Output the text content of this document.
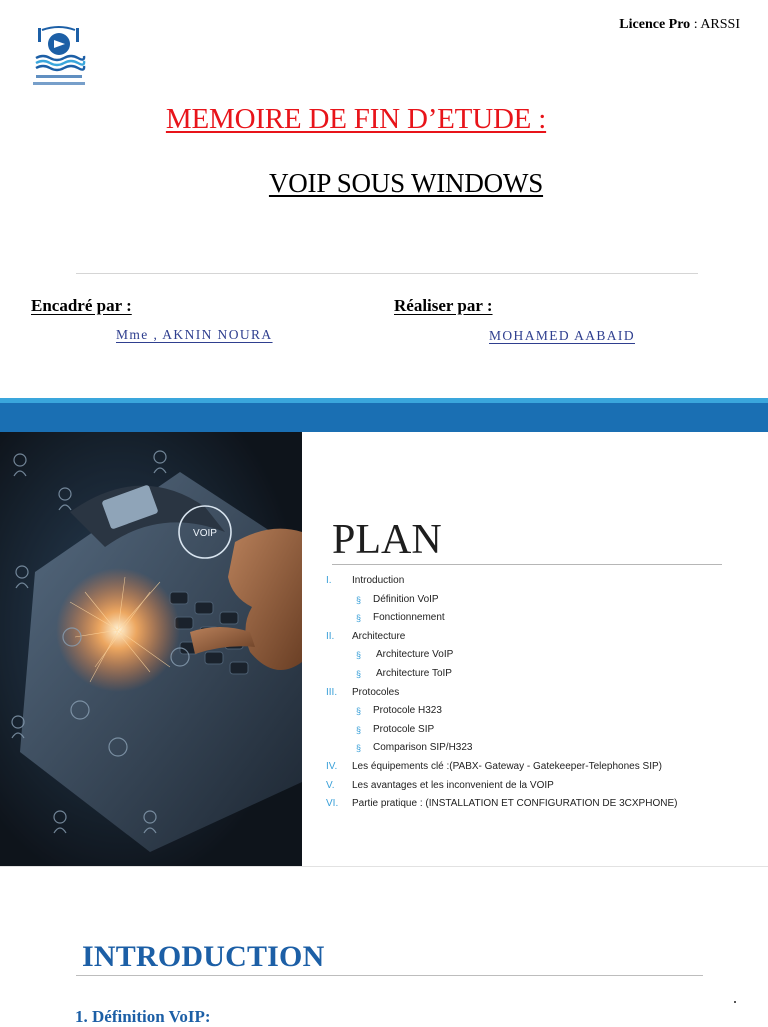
Licence Pro : ARSSI
MEMOIRE DE FIN D’ETUDE :
VOIP SOUS WINDOWS
Encadré par :	Réaliser par :
Mme , AKNIN NOURA	MOHAMED AABAID
VOIP	PLAN
I.	Introduction
§ Définition VoIP
§ Fonctionnement
II.	Architecture
§ Architecture VoIP
§ Architecture ToIP
III.	Protocoles
§ Protocole H323
§ Protocole SIP
§ Comparison SIP/H323
IV.	Les équipements clé :(PABX- Gateway - Gatekeeper-Telephones SIP)
V.	Les avantages et les inconvenient de la VOIP
VI.	Partie pratique : (INSTALLATION ET CONFIGURATION DE 3CXPHONE)
INTRODUCTION
1. Définition VoIP:
